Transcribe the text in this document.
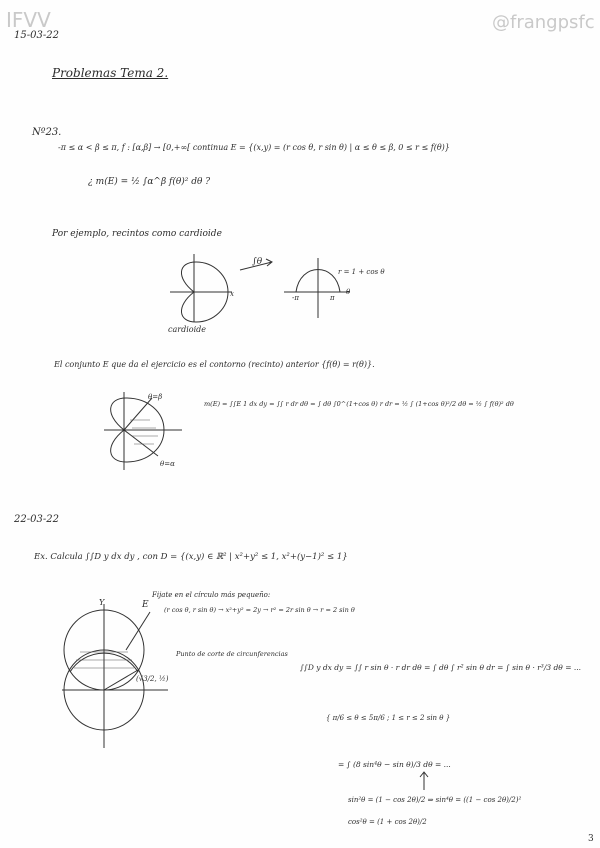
IFVV	@frangpsfc
15-03-22
Problemas Tema 2.
Nº23.
-π ≤ α < β ≤ π, f : [α,β] → [0,+∞[ continua E = {(x,y) = (r cos θ, r sin θ) | α ≤ θ ≤ β, 0 ≤ r ≤ f(θ)}
¿ m(E) = ½ ∫α^β f(θ)² dθ ?
Por ejemplo, recintos como cardioide
∫θ
r = 1 + cos θ
-π	π
θ
x
cardioide
El conjunto E que da el ejercicio es el contorno (recinto) anterior {f(θ) = r(θ)}.
m(E) = ∫∫E 1 dx dy = ∫∫ r dr dθ = ∫ dθ ∫0^(1+cos θ) r dr = ½ ∫ (1+cos θ)²/2 dθ = ½ ∫ f(θ)² dθ
θ=β
θ=α
22-03-22
Ex. Calcula ∫∫D y dx dy , con D = {(x,y) ∈ ℝ² | x²+y² ≤ 1, x²+(y−1)² ≤ 1}
Fijate en el círculo más pequeño:
(r cos θ, r sin θ) → x²+y² = 2y → r² = 2r sin θ → r = 2 sin θ
E
Punto de corte de circunferencias
(√3/2, ½)
Y
∫∫D y dx dy = ∫∫ r sin θ · r dr dθ = ∫ dθ ∫ r² sin θ dr = ∫ sin θ · r³/3 dθ = ...
{ π/6 ≤ θ ≤ 5π/6 ; 1 ≤ r ≤ 2 sin θ }
= ∫ (8 sin⁴θ − sin θ)/3 dθ = ...
sin²θ = (1 − cos 2θ)/2 ⇒ sin⁴θ = ((1 − cos 2θ)/2)²
cos²θ = (1 + cos 2θ)/2
3
